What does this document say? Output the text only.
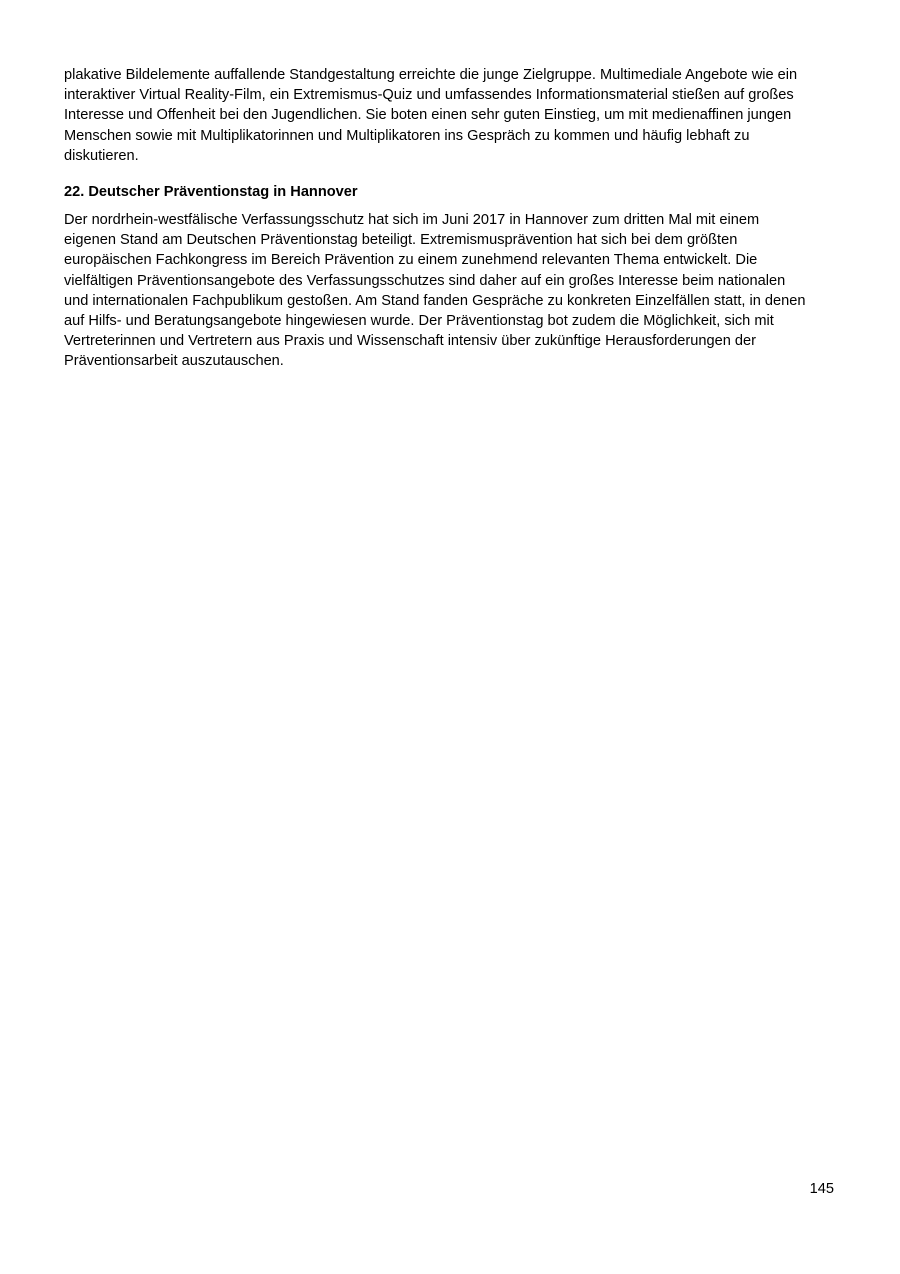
plakative Bildelemente auffallende Standgestaltung erreichte die junge Zielgruppe. Multimediale Angebote wie ein
interaktiver Virtual Reality-Film, ein Extremismus-Quiz und umfassendes Informationsmaterial stießen auf großes
Interesse und Offenheit bei den Jugendlichen. Sie boten einen sehr guten Einstieg, um mit medienaffinen jungen
Menschen sowie mit Multiplikatorinnen und Multiplikatoren ins Gespräch zu kommen und häufig lebhaft zu
diskutieren.

22. Deutscher Präventionstag in Hannover

Der nordrhein-westfälische Verfassungsschutz hat sich im Juni 2017 in Hannover zum dritten Mal mit einem
eigenen Stand am Deutschen Präventionstag beteiligt. Extremismusprävention hat sich bei dem größten
europäischen Fachkongress im Bereich Prävention zu einem zunehmend relevanten Thema entwickelt. Die
vielfältigen Präventionsangebote des Verfassungsschutzes sind daher auf ein großes Interesse beim nationalen
und internationalen Fachpublikum gestoßen. Am Stand fanden Gespräche zu konkreten Einzelfällen statt, in denen
auf Hilfs- und Beratungsangebote hingewiesen wurde. Der Präventionstag bot zudem die Möglichkeit, sich mit
Vertreterinnen und Vertretern aus Praxis und Wissenschaft intensiv über zukünftige Herausforderungen der
Präventionsarbeit auszutauschen.

145
